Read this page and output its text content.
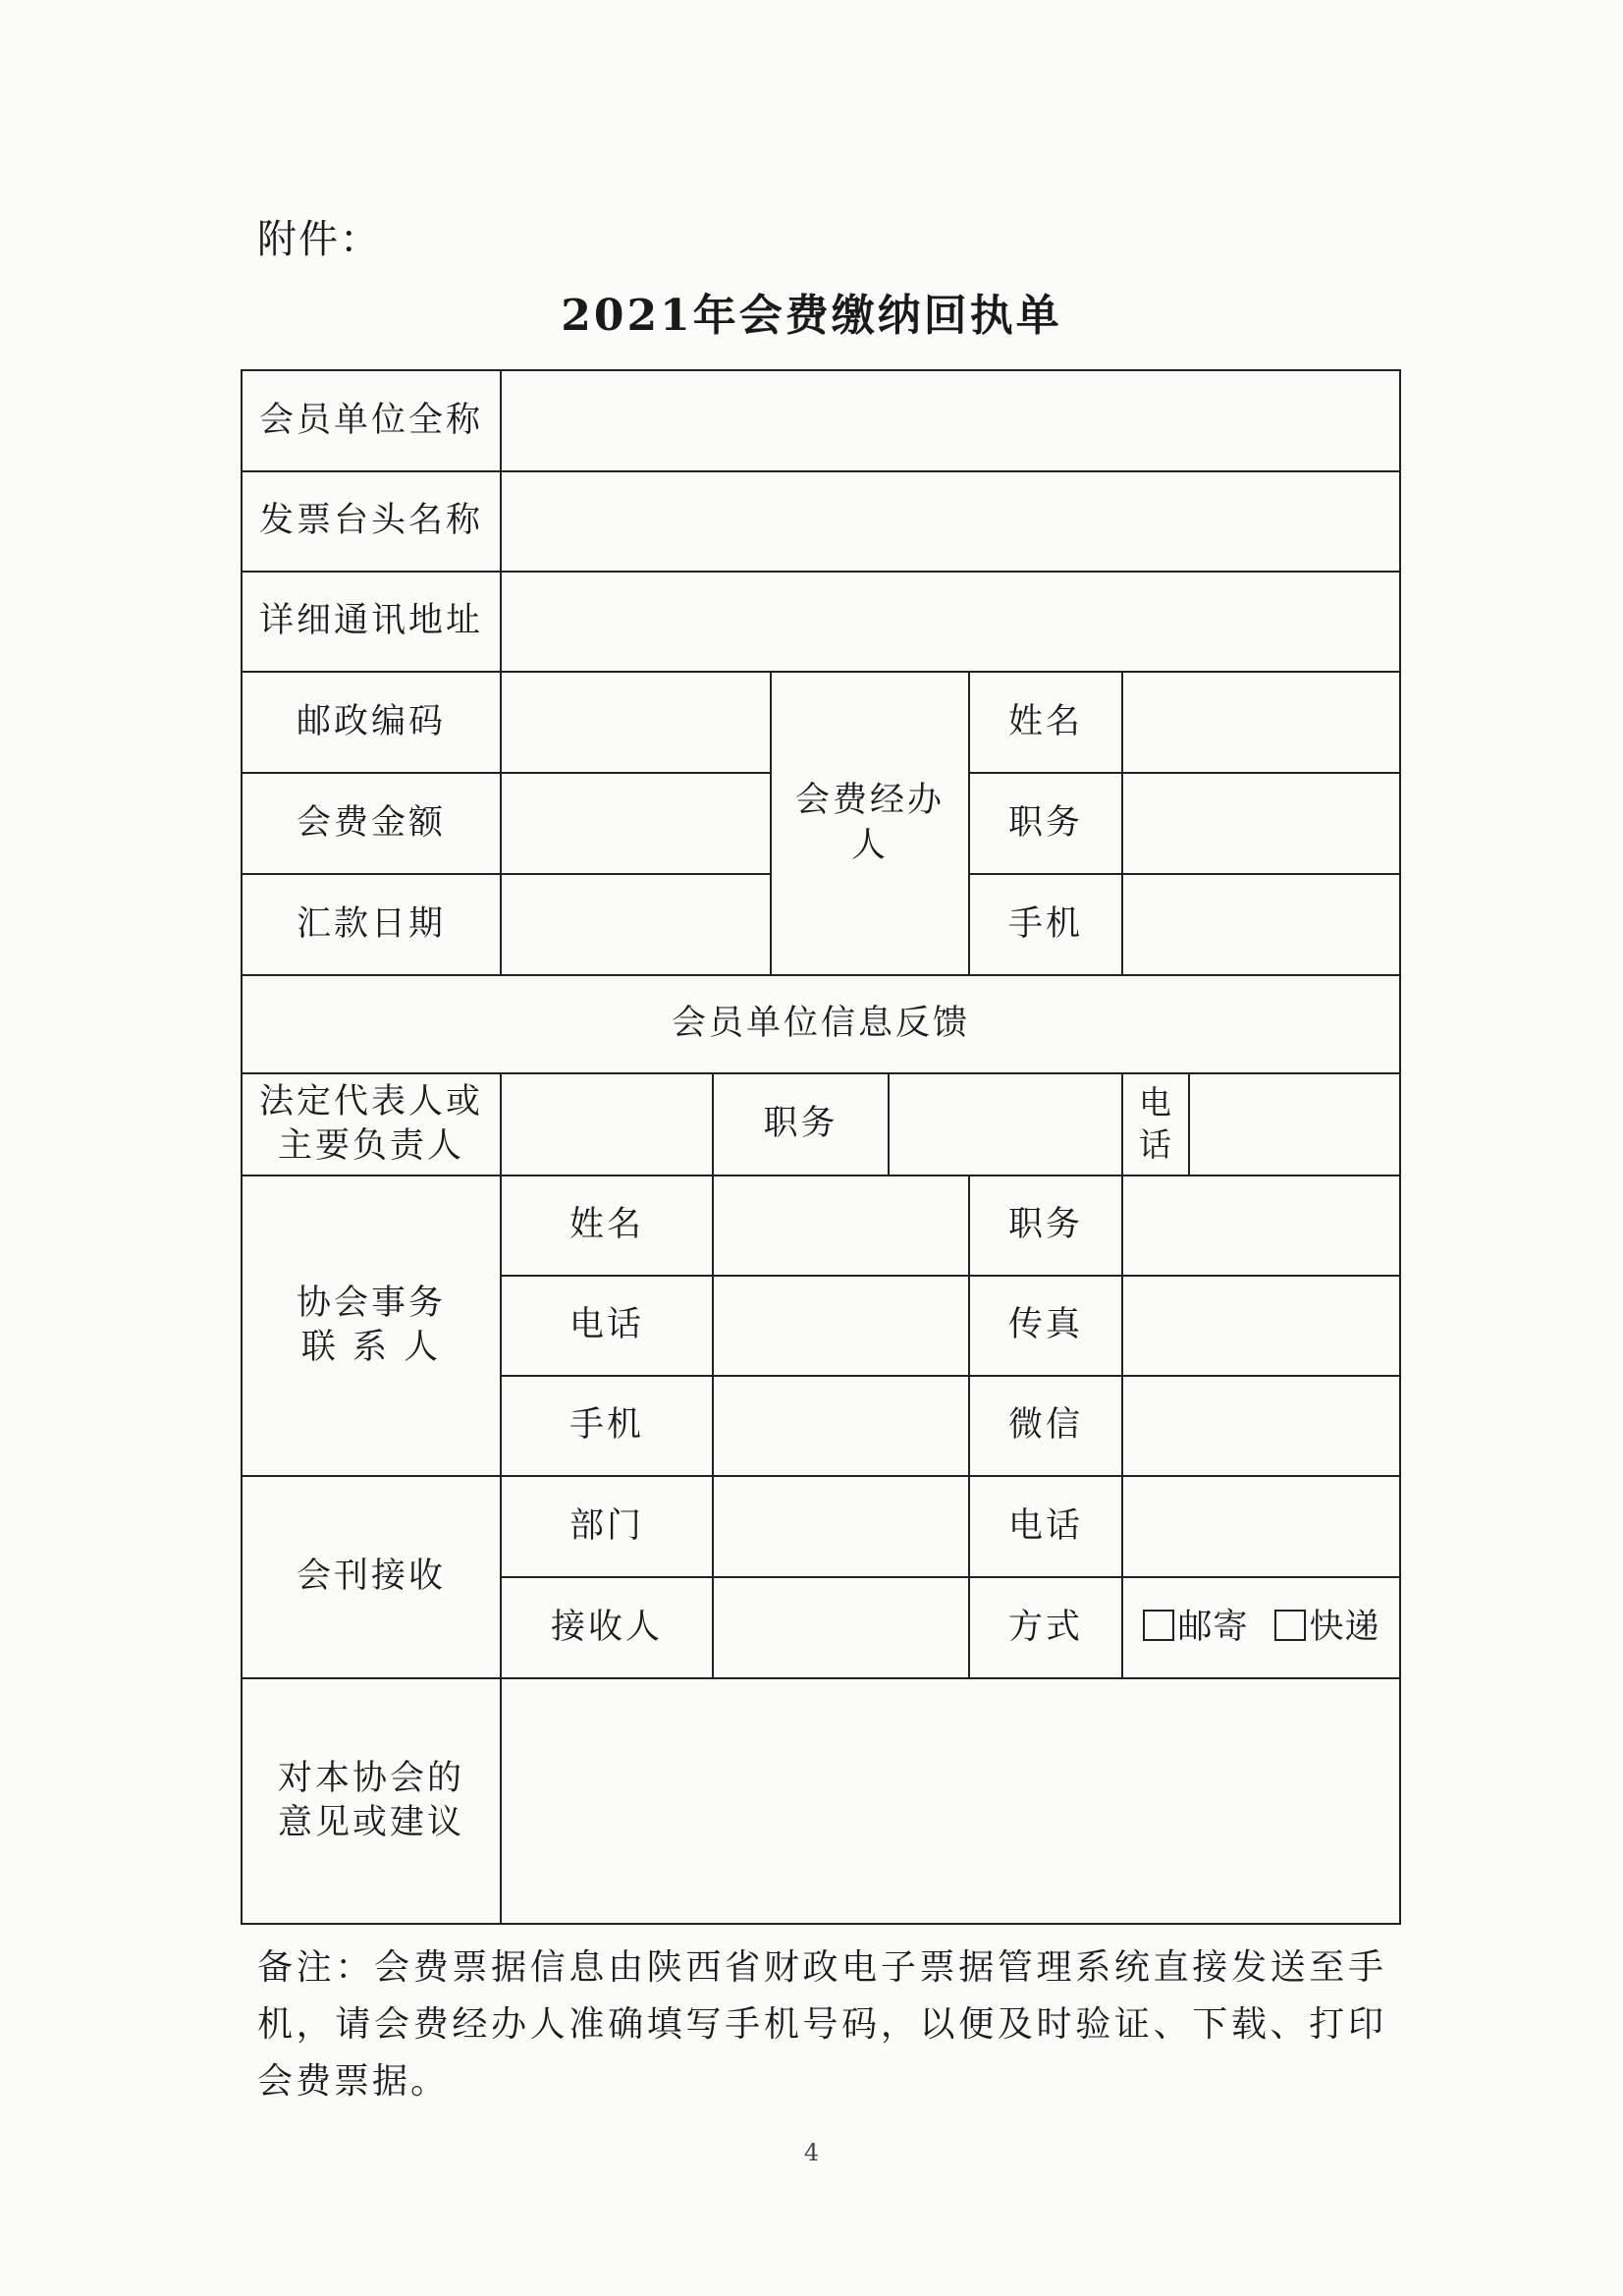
附件：
2021年会费缴纳回执单
会员单位全称							
发票台头名称							
详细通讯地址							
邮政编码			会费经办人		姓名		
会费金额					职务		
汇款日期					手机		
会员单位信息反馈							
法定代表人或主要负责人		职务				电话	
协会事务联 系 人	姓名				职务		
	电话				传真		
	手机				微信		
会刊接收	部门				电话		
	接收人				方式	邮寄 快递	
对本协会的意见或建议							
备注：会费票据信息由陕西省财政电子票据管理系统直接发送至手机，请会费经办人准确填写手机号码，以便及时验证、下载、打印会费票据。
4
